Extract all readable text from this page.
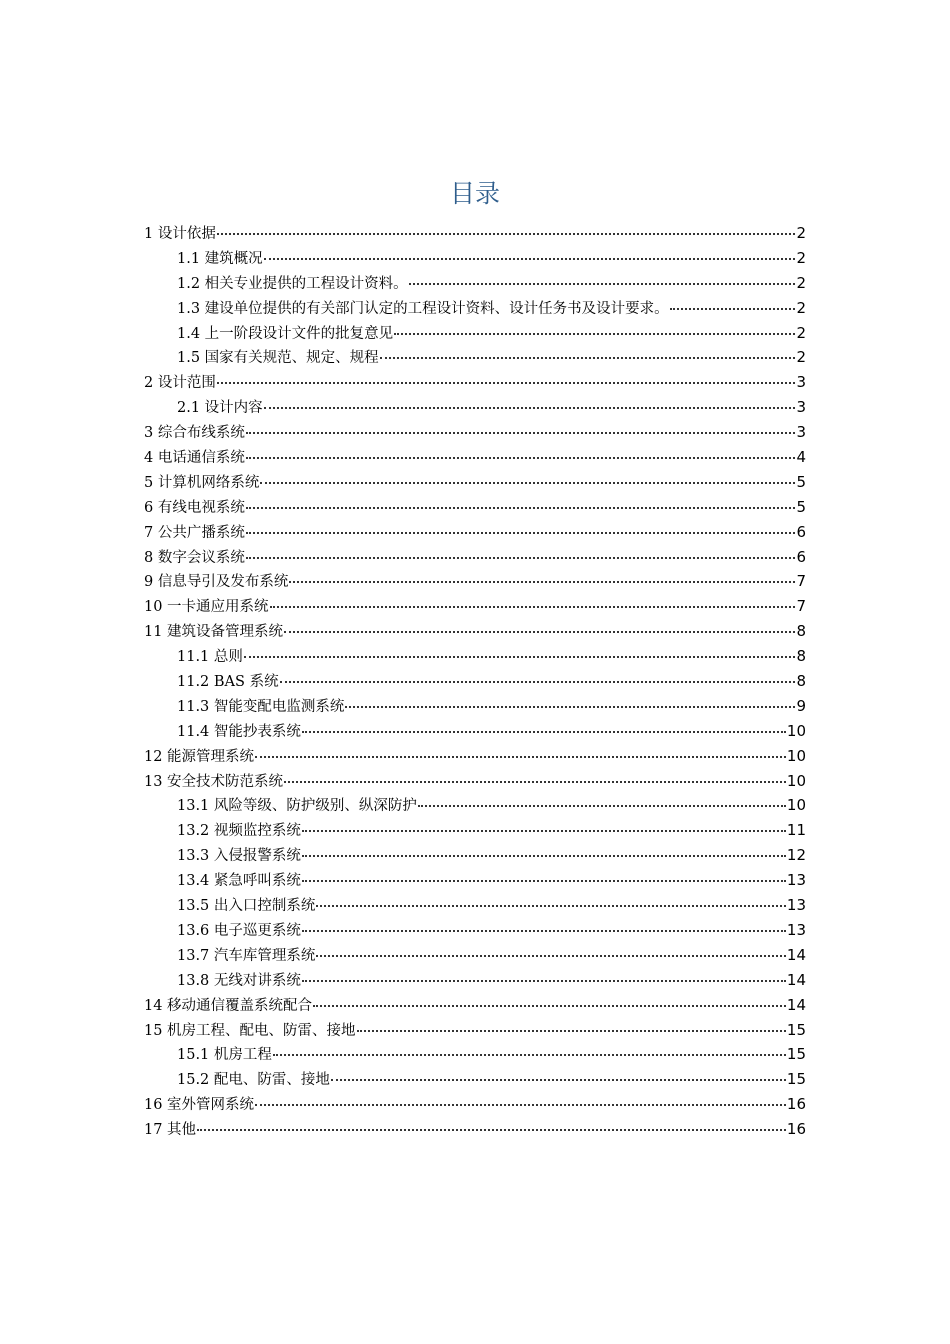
目录
1 设计依据	2
1.1 建筑概况	2
1.2 相关专业提供的工程设计资料。	2
1.3 建设单位提供的有关部门认定的工程设计资料、设计任务书及设计要求。	2
1.4 上一阶段设计文件的批复意见	2
1.5 国家有关规范、规定、规程	2
2 设计范围	3
2.1 设计内容	3
3 综合布线系统	3
4 电话通信系统	4
5 计算机网络系统	5
6 有线电视系统	5
7 公共广播系统	6
8 数字会议系统	6
9 信息导引及发布系统	7
10 一卡通应用系统	7
11 建筑设备管理系统	8
11.1 总则	8
11.2 BAS 系统	8
11.3 智能变配电监测系统	9
11.4 智能抄表系统	10
12 能源管理系统	10
13 安全技术防范系统	10
13.1 风险等级、防护级别、纵深防护	10
13.2 视频监控系统	11
13.3 入侵报警系统	12
13.4 紧急呼叫系统	13
13.5 出入口控制系统	13
13.6 电子巡更系统	13
13.7 汽车库管理系统	14
13.8 无线对讲系统	14
14 移动通信覆盖系统配合	14
15 机房工程、配电、防雷、接地	15
15.1 机房工程	15
15.2 配电、防雷、接地	15
16 室外管网系统	16
17 其他	16
